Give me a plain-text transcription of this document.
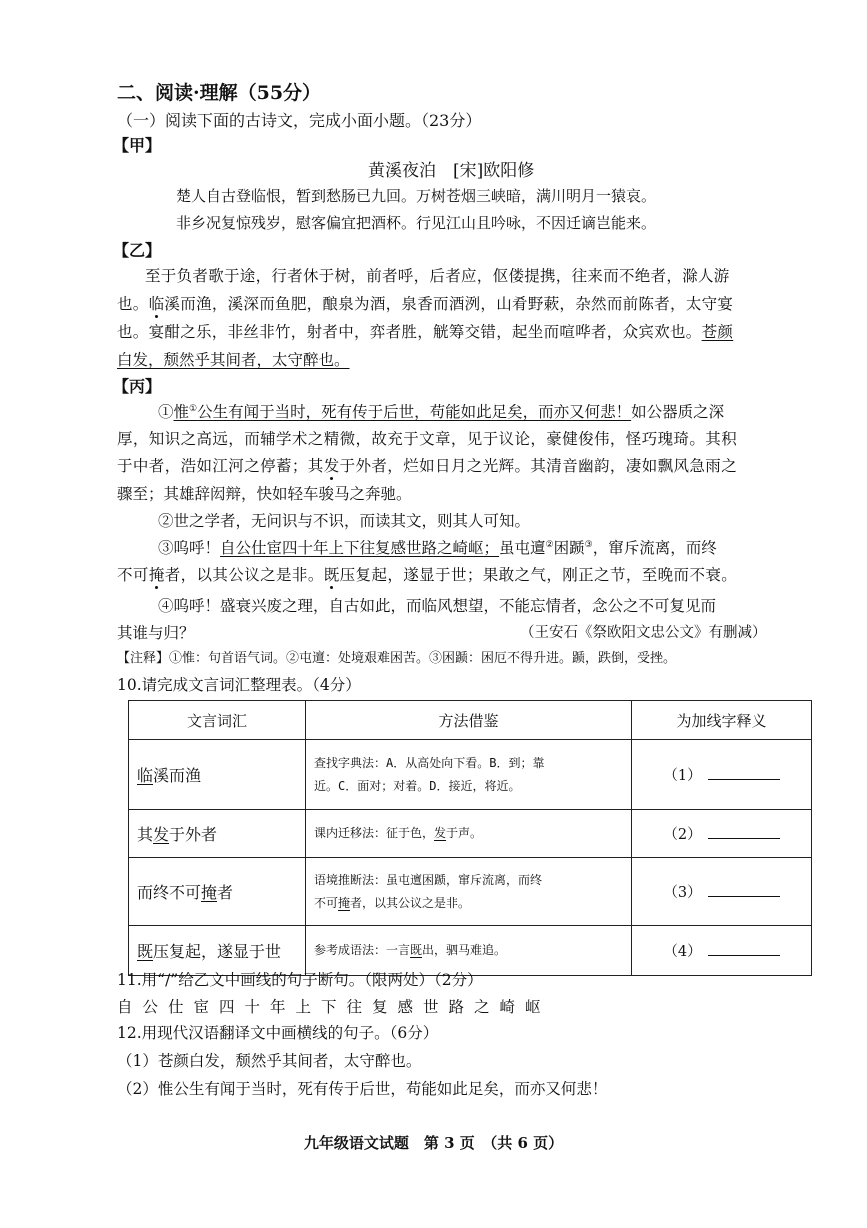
二、阅读·理解（55分）
（一）阅读下面的古诗文，完成小面小题。（23分）
【甲】
黄溪夜泊　[宋]欧阳修
楚人自古登临恨，暂到愁肠已九回。万树苍烟三峡暗，满川明月一猿哀。
非乡况复惊残岁，慰客偏宜把酒杯。行见江山且吟咏，不因迁谪岂能来。
【乙】
至于负者歌于途，行者休于树，前者呼，后者应，伛偻提携，往来而不绝者，滁人游
也。临溪而渔，溪深而鱼肥，酿泉为酒，泉香而酒洌，山肴野蔌，杂然而前陈者，太守宴
也。宴酣之乐，非丝非竹，射者中，弈者胜，觥筹交错，起坐而喧哗者，众宾欢也。苍颜
白发，颓然乎其间者，太守醉也。
【丙】
①惟①公生有闻于当时，死有传于后世，苟能如此足矣，而亦又何悲！如公器质之深
厚，知识之高远，而辅学术之精微，故充于文章，见于议论，豪健俊伟，怪巧瑰琦。其积
于中者，浩如江河之停蓄；其发于外者，烂如日月之光辉。其清音幽韵，凄如飘风急雨之
骤至；其雄辞闳辩，快如轻车骏马之奔驰。
②世之学者，无问识与不识，而读其文，则其人可知。
③呜呼！自公仕宦四十年上下往复感世路之崎岖；虽屯邅②困踬③，窜斥流离，而终
不可掩者，以其公议之是非。既压复起，遂显于世；果敢之气，刚正之节，至晚而不衰。
④呜呼！盛衰兴废之理，自古如此，而临风想望，不能忘情者，念公之不可复见而
其谁与归？	（王安石《祭欧阳文忠公文》有删减）
【注释】①惟：句首语气词。②屯邅：处境艰难困苦。③困踬：困厄不得升进。踬，跌倒，受挫。
10.请完成文言词汇整理表。（4分）
文言词汇	方法借鉴	为加线字释义
临溪而渔	查找字典法：A．从高处向下看。B．到；靠
近。C．面对；对着。D．接近，将近。	（1）
其发于外者	课内迁移法：征于色，发于声。	（2）
而终不可掩者	语境推断法：虽屯邅困踬，窜斥流离，而终
不可掩者，以其公议之是非。	（3）
既压复起，遂显于世	参考成语法：一言既出，驷马难追。	（4）
11.用“/”给乙文中画线的句子断句。（限两处）（2分）
自公仕宦四十年上下往复感世路之崎岖
12.用现代汉语翻译文中画横线的句子。（6分）
（1）苍颜白发，颓然乎其间者，太守醉也。
（2）惟公生有闻于当时，死有传于后世，苟能如此足矣，而亦又何悲！
九年级语文试题　第 3 页　（共 6 页）
